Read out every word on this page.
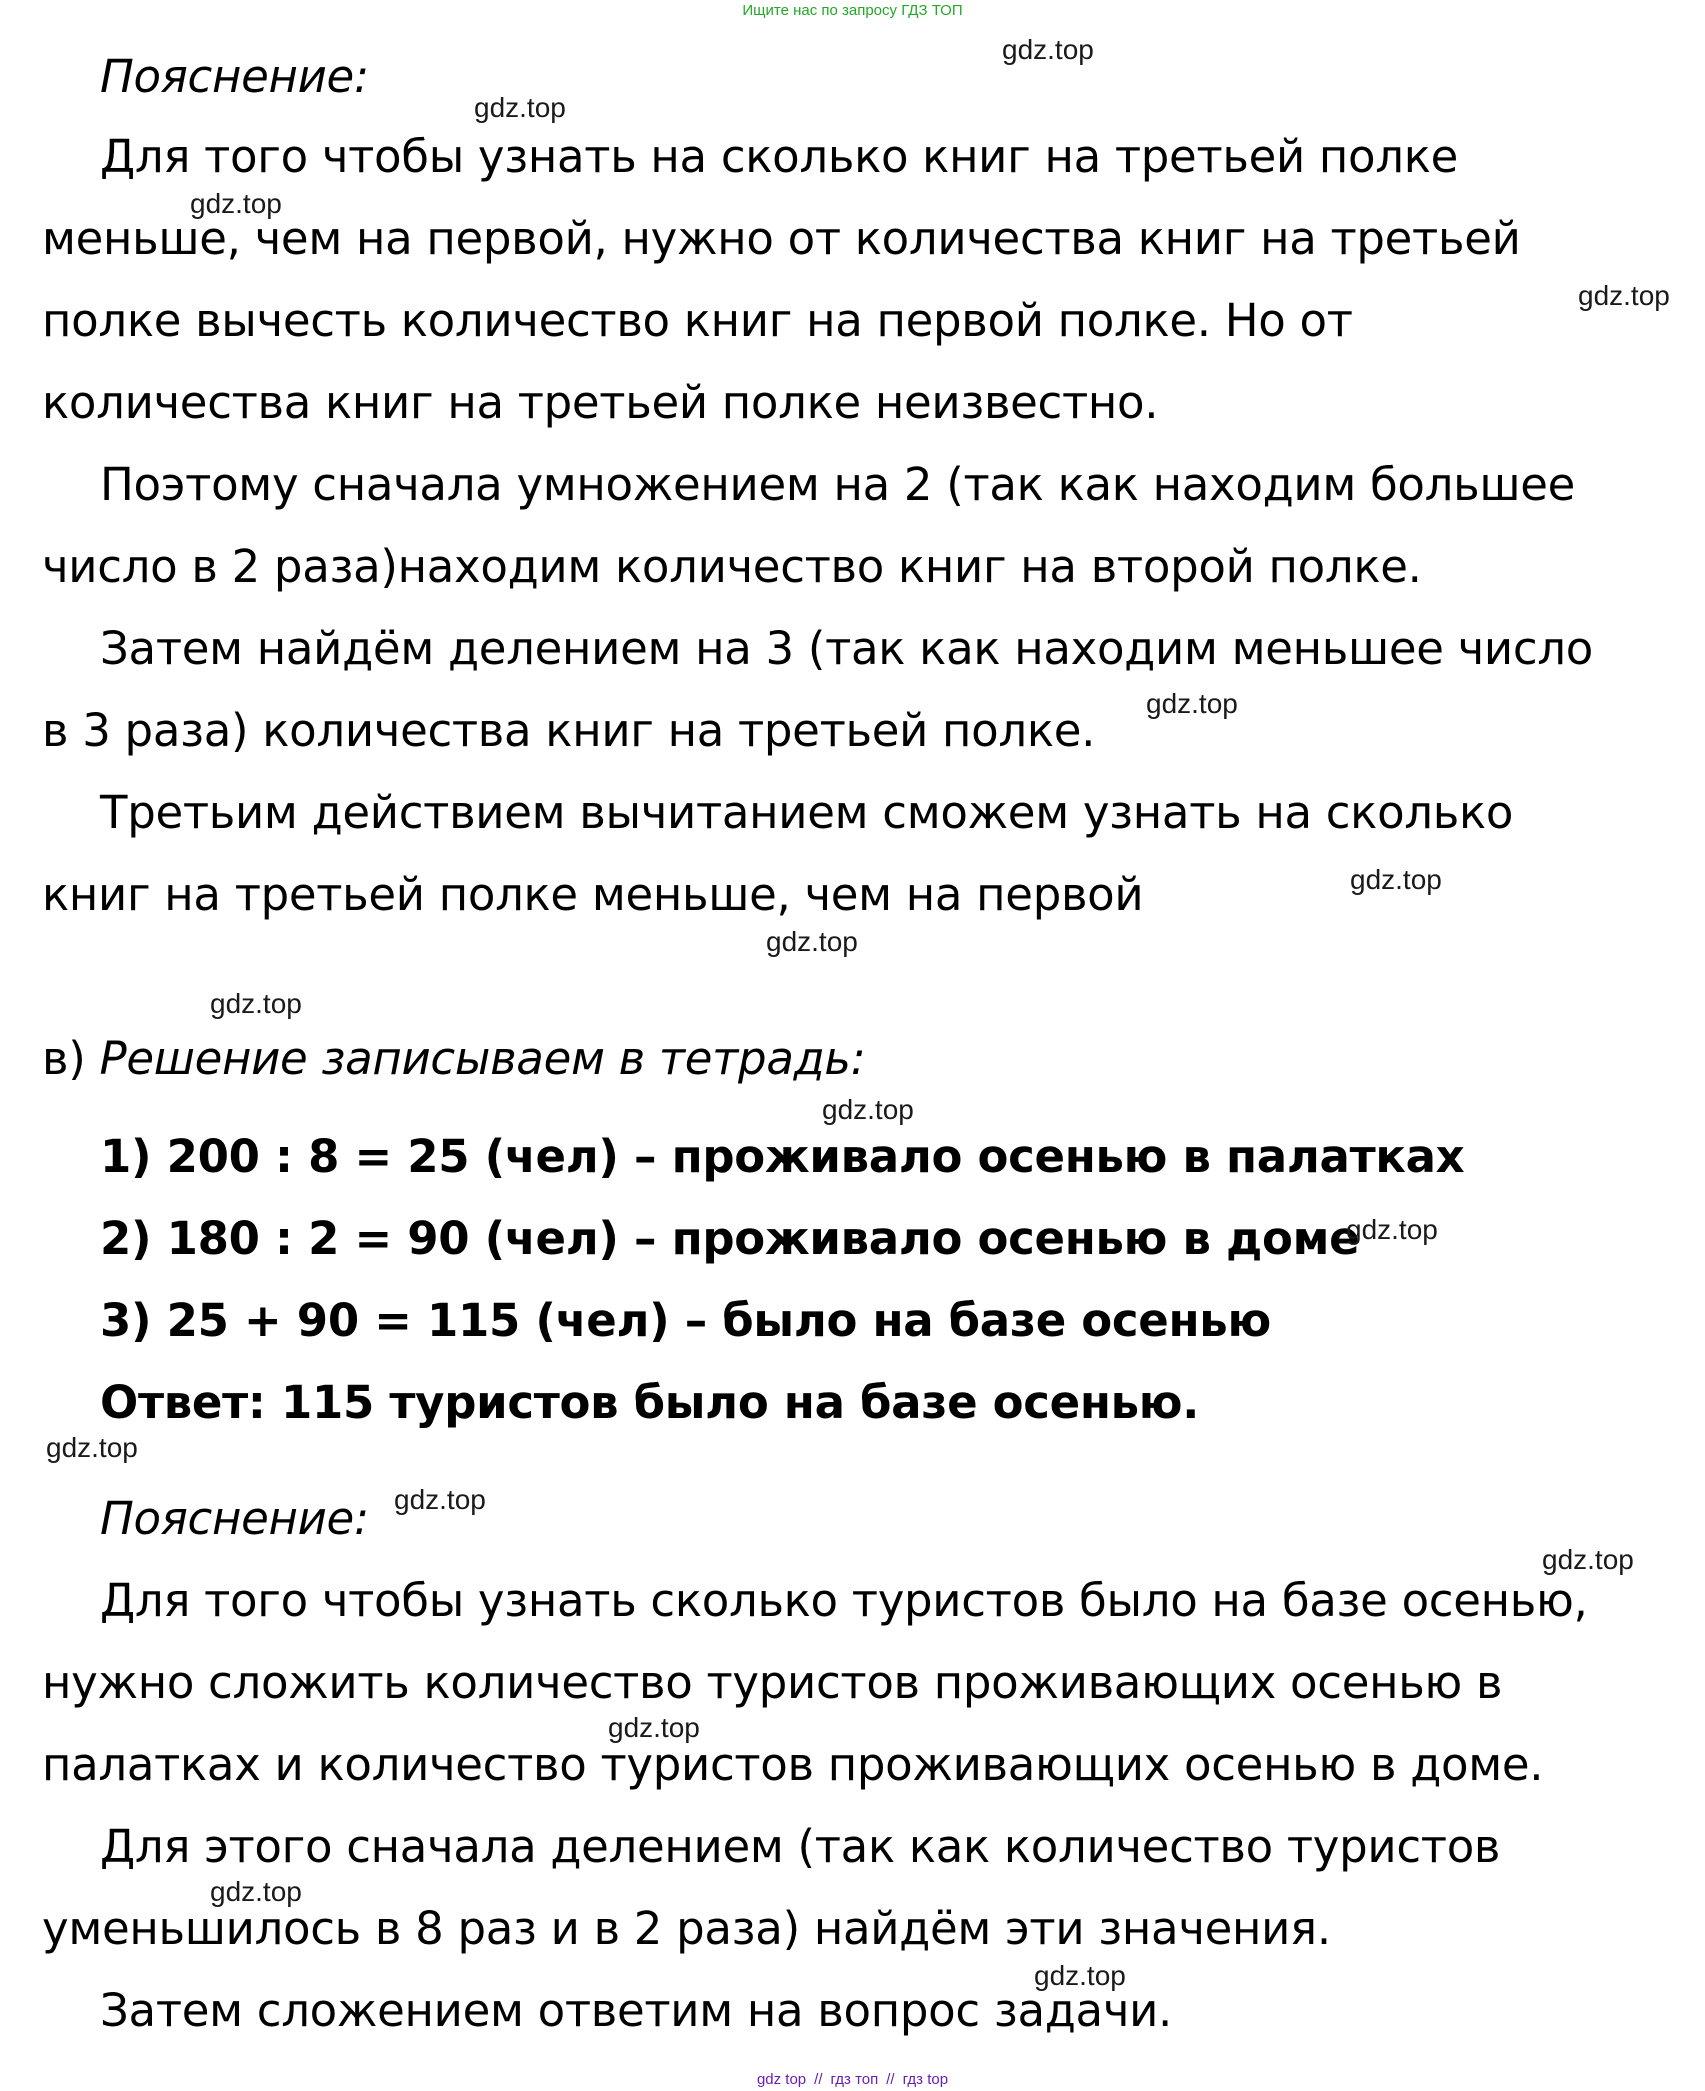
Ищите нас по запросу ГДЗ ТОП
Пояснение:
Для того чтобы узнать на сколько книг на третьей полке
меньше, чем на первой, нужно от количества книг на третьей
полке вычесть количество книг на первой полке. Но от
количества книг на третьей полке неизвестно.
Поэтому сначала умножением на 2 (так как находим большее
число в 2 раза)находим количество книг на второй полке.
Затем найдём делением на 3 (так как находим меньшее число
в 3 раза) количества книг на третьей полке.
Третьим действием вычитанием сможем узнать на сколько
книг на третьей полке меньше, чем на первой
в) Решение записываем в тетрадь:
1) 200 : 8 = 25 (чел) – проживало осенью в палатках
2) 180 : 2 = 90 (чел) – проживало осенью в доме
3) 25 + 90 = 115 (чел) – было на базе осенью
Ответ: 115 туристов было на базе осенью.
Пояснение:
Для того чтобы узнать сколько туристов было на базе осенью,
нужно сложить количество туристов проживающих осенью в
палатках и количество туристов проживающих осенью в доме.
Для этого сначала делением (так как количество туристов
уменьшилось в 8 раз и в 2 раза) найдём эти значения.
Затем сложением ответим на вопрос задачи.
gdz.top
gdz.top
gdz.top
gdz.top
gdz.top
gdz.top
gdz.top
gdz.top
gdz.top
gdz.top
gdz.top
gdz.top
gdz.top
gdz.top
gdz.top
gdz.top
gdz top // гдз топ // гдз top
